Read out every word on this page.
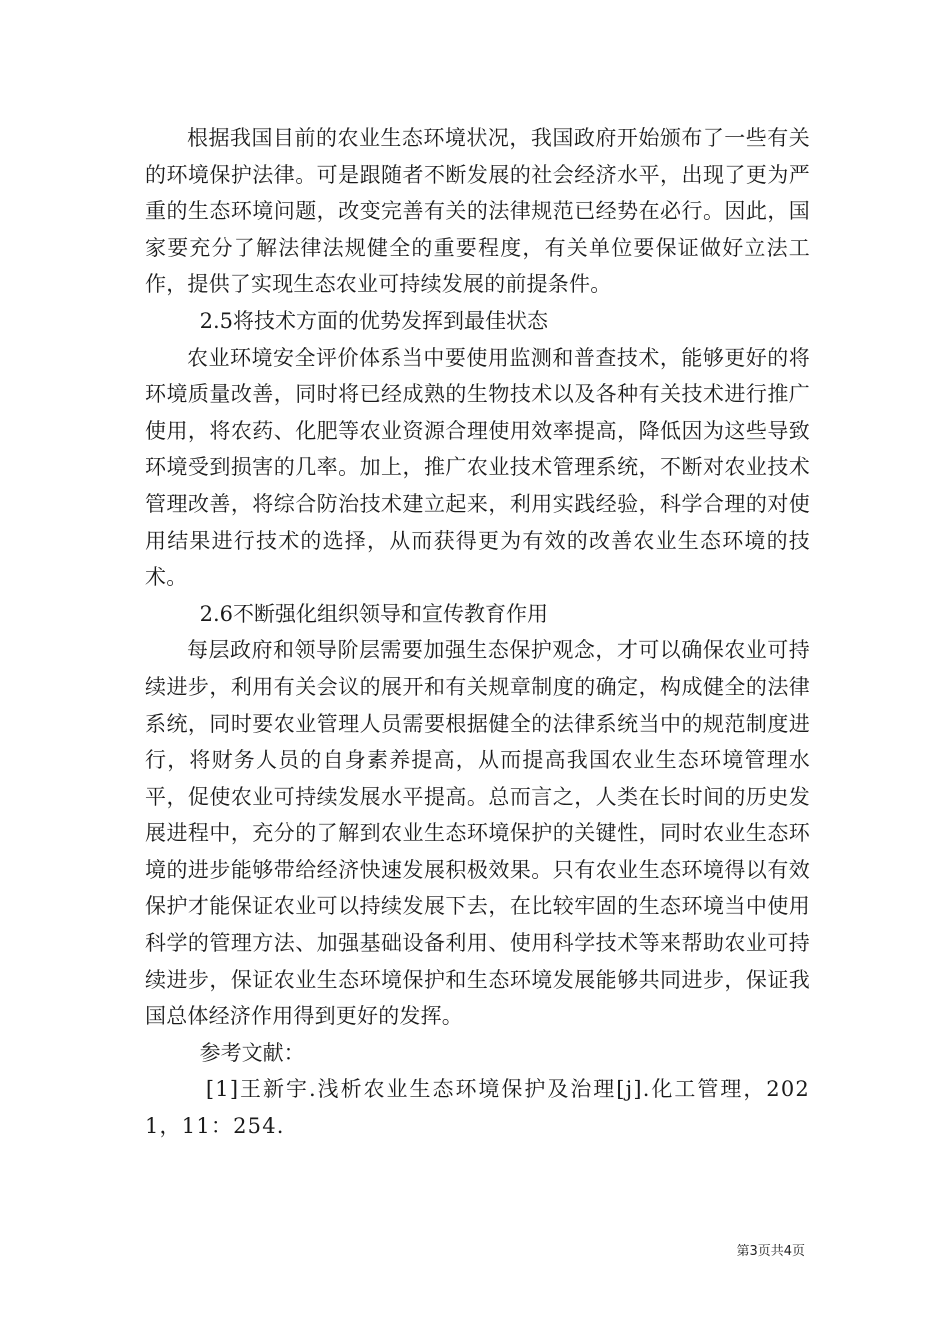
根据我国目前的农业生态环境状况，我国政府开始颁布了一些有关的环境保护法律。可是跟随者不断发展的社会经济水平，出现了更为严重的生态环境问题，改变完善有关的法律规范已经势在必行。因此，国家要充分了解法律法规健全的重要程度，有关单位要保证做好立法工作，提供了实现生态农业可持续发展的前提条件。

2.5将技术方面的优势发挥到最佳状态

农业环境安全评价体系当中要使用监测和普查技术，能够更好的将环境质量改善，同时将已经成熟的生物技术以及各种有关技术进行推广使用，将农药、化肥等农业资源合理使用效率提高，降低因为这些导致环境受到损害的几率。加上，推广农业技术管理系统，不断对农业技术管理改善，将综合防治技术建立起来，利用实践经验，科学合理的对使用结果进行技术的选择，从而获得更为有效的改善农业生态环境的技术。

2.6不断强化组织领导和宣传教育作用

每层政府和领导阶层需要加强生态保护观念，才可以确保农业可持续进步，利用有关会议的展开和有关规章制度的确定，构成健全的法律系统，同时要农业管理人员需要根据健全的法律系统当中的规范制度进行，将财务人员的自身素养提高，从而提高我国农业生态环境管理水平，促使农业可持续发展水平提高。总而言之，人类在长时间的历史发展进程中，充分的了解到农业生态环境保护的关键性，同时农业生态环境的进步能够带给经济快速发展积极效果。只有农业生态环境得以有效保护才能保证农业可以持续发展下去，在比较牢固的生态环境当中使用科学的管理方法、加强基础设备利用、使用科学技术等来帮助农业可持续进步，保证农业生态环境保护和生态环境发展能够共同进步，保证我国总体经济作用得到更好的发挥。

参考文献：

[1]王新宇.浅析农业生态环境保护及治理[j].化工管理，2021，11：254.

第3页共4页
